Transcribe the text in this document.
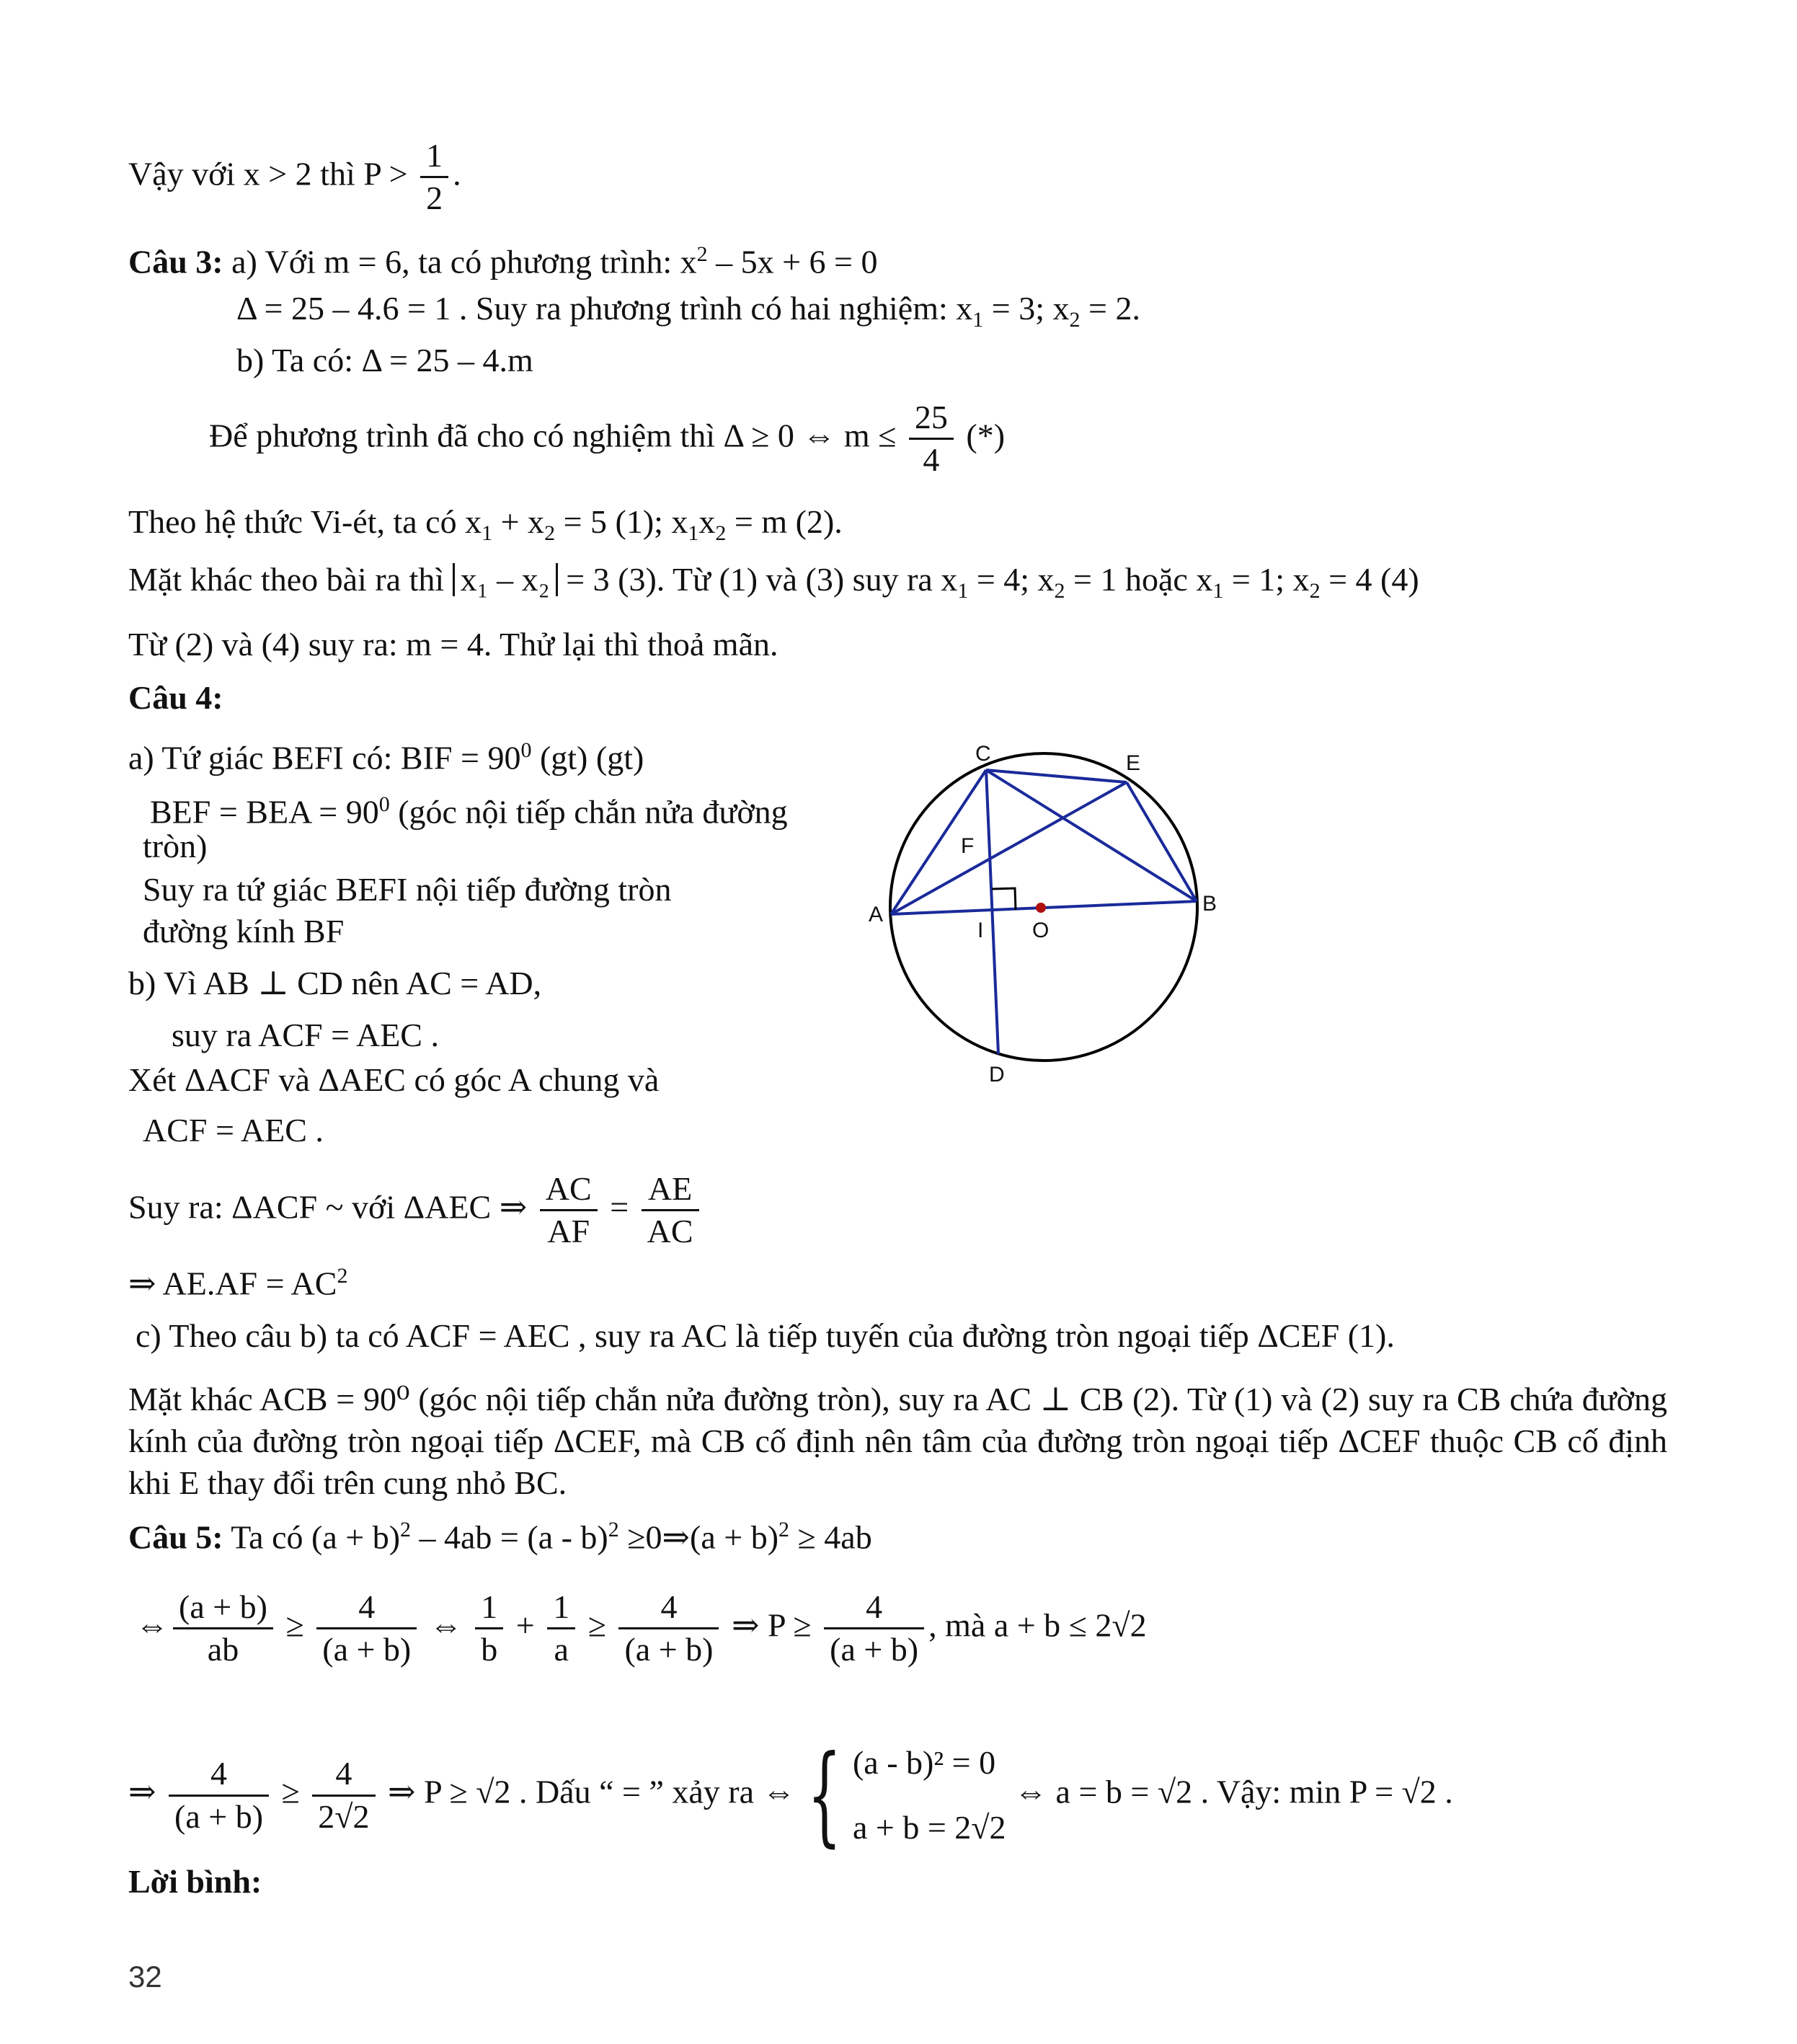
Vậy với x > 2 thì $P > \frac{1}{2}$ .
Câu 3: a) Với m = 6, ta có phương trình: $x^2 - 5x + 6 = 0$
Δ = 25 – 4.6 = 1 . Suy ra phương trình có hai nghiệm: $x_1 = 3$; $x_2 = 2$.
b) Ta có: Δ = 25 – 4.m
Để phương trình đã cho có nghiệm thì Δ ≥ 0 ⇔ $m \le \frac{25}{4}$ (*)
Theo hệ thức Vi-ét, ta có $x_1 + x_2 = 5$ (1); $x_1x_2 = m$ (2).
Mặt khác theo bài ra thì x₁ – x₂ = 3 (3). Từ (1) và (3) suy ra $x_1 = 4$; $x_2 = 1$ hoặc $x_1 = 1$; $x_2 = 4$ (4)
Từ (2) và (4) suy ra: m = 4. Thử lại thì thoả mãn.
Câu 4:
a) Tứ giác BEFI có: BIF = $90^0$ (gt) (gt)
BEF = BEA = $90^0$ (góc nội tiếp chắn nửa đường
tròn)
Suy ra tứ giác BEFI nội tiếp đường tròn
đường kính BF
b) Vì AB ⊥ CD nên AC = AD,
suy ra ACF = AEC .
Xét ΔACF và ΔAEC có góc A chung và
ACF = AEC .
Suy ra: ΔACF ~ với ΔAEC ⇒ $\frac{AC}{AF} = \frac{AE}{AC}$
⇒ $AE.AF = AC^2$
c) Theo câu b) ta có ACF = AEC , suy ra AC là tiếp tuyến của đường tròn ngoại tiếp ΔCEF (1).
Mặt khác ACB = 90⁰ (góc nội tiếp chắn nửa đường tròn), suy ra AC ⊥ CB (2). Từ (1) và (2) suy ra CB chứa đường kính của đường tròn ngoại tiếp ΔCEF, mà CB cố định nên tâm của đường tròn ngoại tiếp ΔCEF thuộc CB cố định khi E thay đổi trên cung nhỏ BC.
Câu 5: Ta có $(a + b)^2 - 4ab = (a - b)^2$ ≥0⇒(a + b)$^2$ ≥ 4ab
⇔ $\frac{(a + b)}{ab} \ge \frac{4}{(a + b)}$ ⇔ $\frac{1}{b} + \frac{1}{a} \ge \frac{4}{(a + b)}$ ⇒ $P \ge \frac{4}{(a + b)}$ , mà a + b ≤ 2√2
⇒ $\frac{4}{(a + b)} \ge \frac{4}{2√2}$ ⇒ P ≥ √2 . Dấu “ = ” xảy ra ⇔ { (a - b)² = 0
a + b = 2√2
⇔ a = b = √2 . Vậy: min P = √2 .
Lời bình:
C	E
F
A	B
I O
D
32
